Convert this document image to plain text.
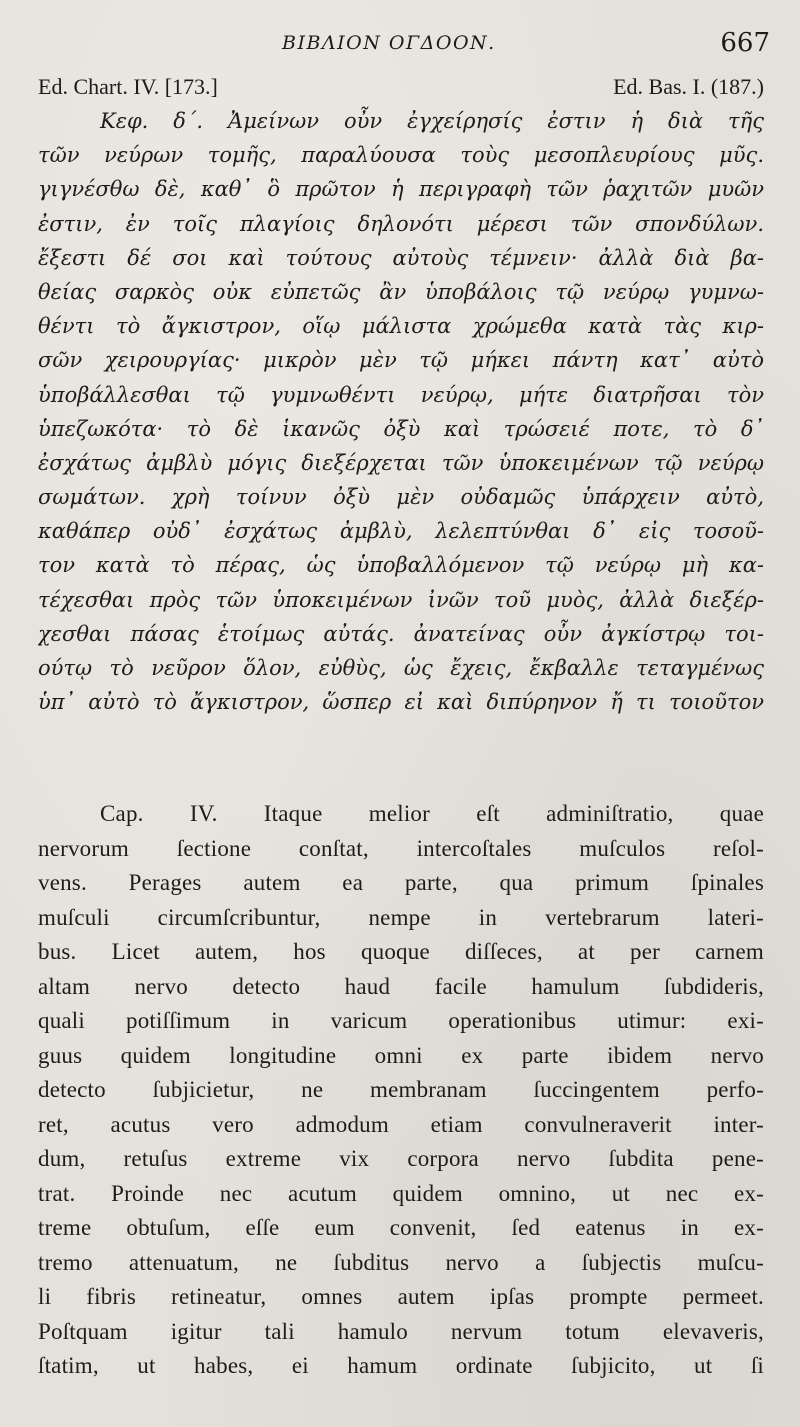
ΒΙΒΛΙΟΝ ΟΓΔΟΟΝ.	667
Ed. Chart. IV. [173.]	Ed. Bas. I. (187.)
Κεφ. δ΄. Ἀμείνων οὖν ἐγχείρησίς ἐστιν ἡ διὰ τῆς
τῶν νεύρων τομῆς, παραλύουσα τοὺς μεσοπλευρίους μῦς.
γιγνέσθω δὲ, καθ᾽ ὃ πρῶτον ἡ περιγραφὴ τῶν ῥαχιτῶν μυῶν
ἐστιν, ἐν τοῖς πλαγίοις δηλονότι μέρεσι τῶν σπονδύλων.
ἔξεστι δέ σοι καὶ τούτους αὐτοὺς τέμνειν· ἀλλὰ διὰ βα-
θείας σαρκὸς οὐκ εὐπετῶς ἂν ὑποβάλοις τῷ νεύρῳ γυμνω-
θέντι τὸ ἄγκιστρον, οἵῳ μάλιστα χρώμεθα κατὰ τὰς κιρ-
σῶν χειρουργίας· μικρὸν μὲν τῷ μήκει πάντη κατ᾽ αὐτὸ
ὑποβάλλεσθαι τῷ γυμνωθέντι νεύρῳ, μήτε διατρῆσαι τὸν
ὑπεζωκότα· τὸ δὲ ἱκανῶς ὀξὺ καὶ τρώσειέ ποτε, τὸ δ᾽
ἐσχάτως ἀμβλὺ μόγις διεξέρχεται τῶν ὑποκειμένων τῷ νεύρῳ
σωμάτων. χρὴ τοίνυν ὀξὺ μὲν οὐδαμῶς ὑπάρχειν αὐτὸ,
καθάπερ οὐδ᾽ ἐσχάτως ἀμβλὺ, λελεπτύνθαι δ᾽ εἰς τοσοῦ-
τον κατὰ τὸ πέρας, ὡς ὑποβαλλόμενον τῷ νεύρῳ μὴ κα-
τέχεσθαι πρὸς τῶν ὑποκειμένων ἰνῶν τοῦ μυὸς, ἀλλὰ διεξέρ-
χεσθαι πάσας ἑτοίμως αὐτάς. ἀνατείνας οὖν ἀγκίστρῳ τοι-
ούτῳ τὸ νεῦρον ὅλον, εὐθὺς, ὡς ἔχεις, ἔκβαλλε τεταγμένως
ὑπ᾽ αὐτὸ τὸ ἄγκιστρον, ὥσπερ εἰ καὶ διπύρηνον ἤ τι τοιοῦτον
Cap. IV. Itaque melior eſt adminiſtratio, quae
nervorum ſectione conſtat, intercoſtales muſculos reſol-
vens. Perages autem ea parte, qua primum ſpinales
muſculi circumſcribuntur, nempe in vertebrarum lateri-
bus. Licet autem, hos quoque diſſeces, at per carnem
altam nervo detecto haud facile hamulum ſubdideris,
quali potiſſimum in varicum operationibus utimur: exi-
guus quidem longitudine omni ex parte ibidem nervo
detecto ſubjicietur, ne membranam ſuccingentem perfo-
ret, acutus vero admodum etiam convulneraverit inter-
dum, retuſus extreme vix corpora nervo ſubdita pene-
trat. Proinde nec acutum quidem omnino, ut nec ex-
treme obtuſum, eſſe eum convenit, ſed eatenus in ex-
tremo attenuatum, ne ſubditus nervo a ſubjectis muſcu-
li fibris retineatur, omnes autem ipſas prompte permeet.
Poſtquam igitur tali hamulo nervum totum elevaveris,
ſtatim, ut habes, ei hamum ordinate ſubjicito, ut ſi
